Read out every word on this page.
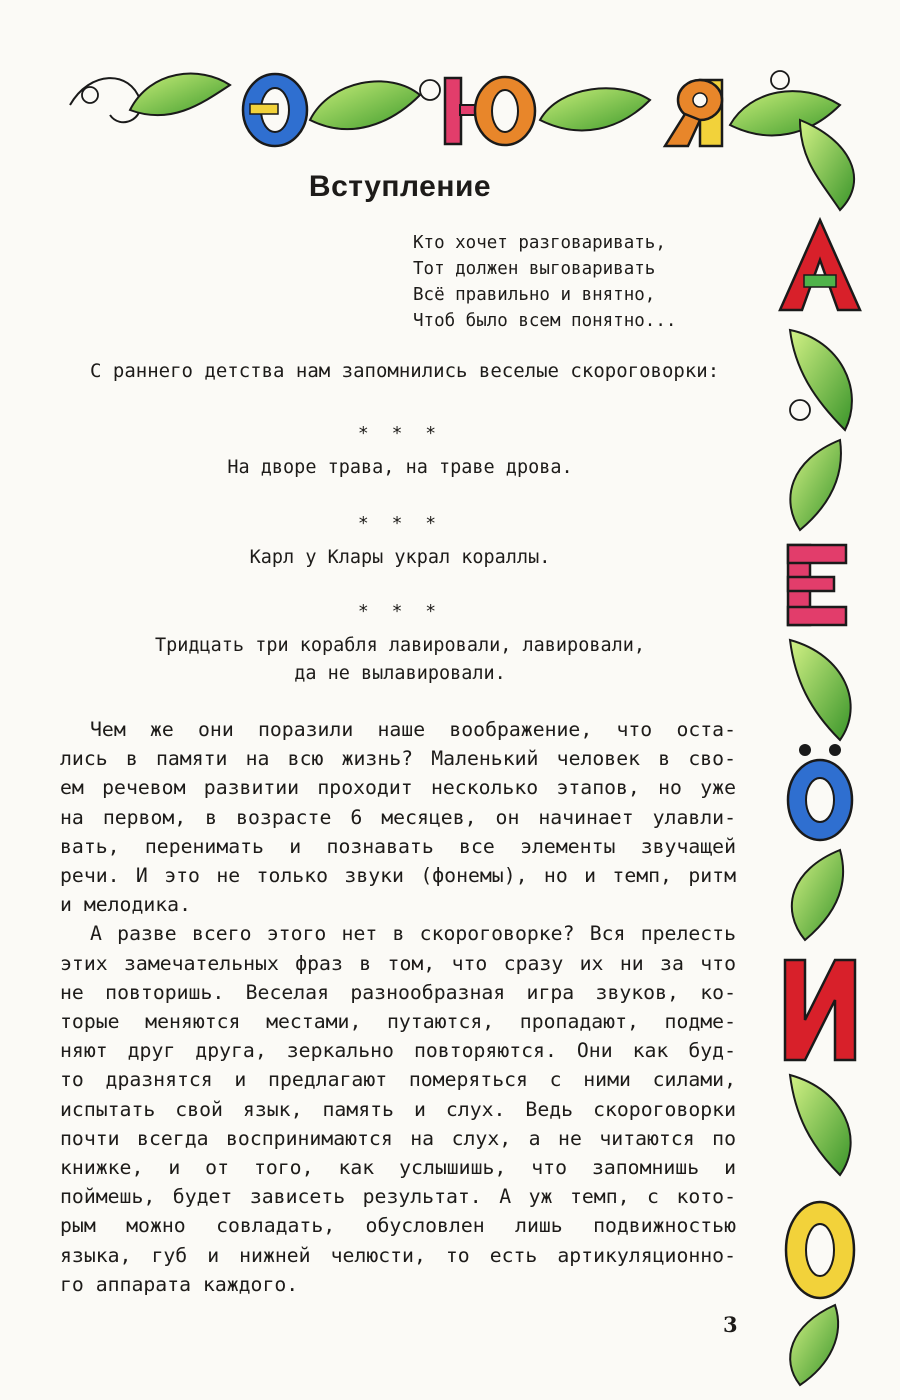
Вступление
Кто хочет разговаривать,
Тот должен выговаривать
Всё правильно и внятно,
Чтоб было всем понятно...
С раннего детства нам запомнились веселые скороговорки:
* * *
На дворе трава, на траве дрова.
* * *
Карл у Клары украл кораллы.
* * *
Тридцать три корабля лавировали, лавировали,
да не вылавировали.
Чем же они поразили наше воображение, что оста-
лись в памяти на всю жизнь? Маленький человек в сво-
ем речевом развитии проходит несколько этапов, но уже
на первом, в возрасте 6 месяцев, он начинает улавли-
вать, перенимать и познавать все элементы звучащей
речи. И это не только звуки (фонемы), но и темп, ритм
и мелодика.
А разве всего этого нет в скороговорке? Вся прелесть
этих замечательных фраз в том, что сразу их ни за что
не повторишь. Веселая разнообразная игра звуков, ко-
торые меняются местами, путаются, пропадают, подме-
няют друг друга, зеркально повторяются. Они как буд-
то дразнятся и предлагают померяться с ними силами,
испытать свой язык, память и слух. Ведь скороговорки
почти всегда воспринимаются на слух, а не читаются по
книжке, и от того, как услышишь, что запомнишь и
поймешь, будет зависеть результат. А уж темп, с кото-
рым можно совладать, обусловлен лишь подвижностью
языка, губ и нижней челюсти, то есть артикуляционно-
го аппарата каждого.
3
